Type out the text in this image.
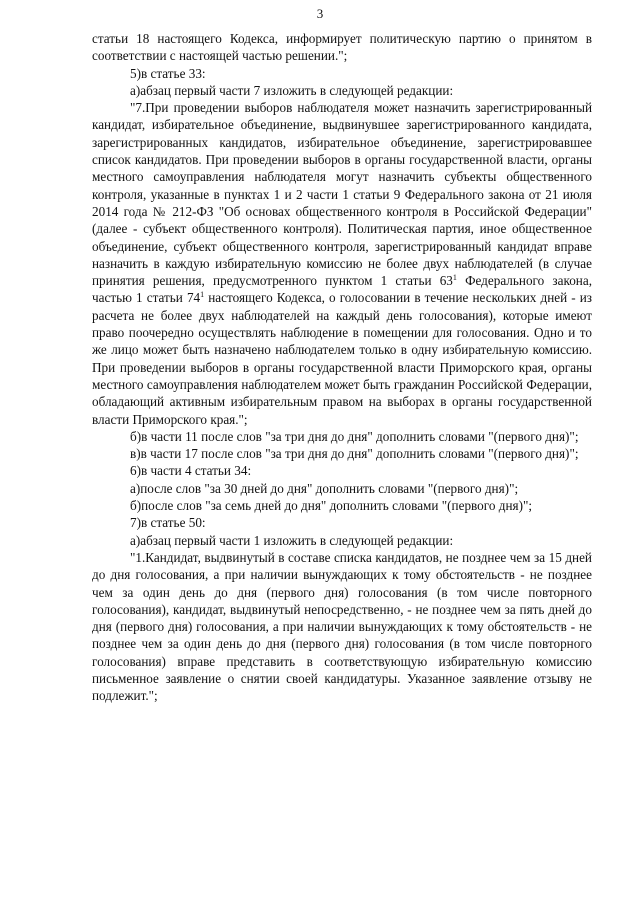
3

статьи 18 настоящего Кодекса, информирует политическую партию о принятом в соответствии с настоящей частью решении.";

5)в статье 33:

а)абзац первый части 7 изложить в следующей редакции:

"7.При проведении выборов наблюдателя может назначить зарегистрированный кандидат, избирательное объединение, выдвинувшее зарегистрированного кандидата, зарегистрированных кандидатов, избирательное объединение, зарегистрировавшее список кандидатов. При проведении выборов в органы государственной власти, органы местного самоуправления наблюдателя могут назначить субъекты общественного контроля, указанные в пунктах 1 и 2 части 1 статьи 9 Федерального закона от 21 июля 2014 года № 212-ФЗ "Об основах общественного контроля в Российской Федерации" (далее - субъект общественного контроля). Политическая партия, иное общественное объединение, субъект общественного контроля, зарегистрированный кандидат вправе назначить в каждую избирательную комиссию не более двух наблюдателей (в случае принятия решения, предусмотренного пунктом 1 статьи $63^1$ Федерального закона, частью 1 статьи $74^1$ настоящего Кодекса, о голосовании в течение нескольких дней - из расчета не более двух наблюдателей на каждый день голосования), которые имеют право поочередно осуществлять наблюдение в помещении для голосования. Одно и то же лицо может быть назначено наблюдателем только в одну избирательную комиссию. При проведении выборов в органы государственной власти Приморского края, органы местного самоуправления наблюдателем может быть гражданин Российской Федерации, обладающий активным избирательным правом на выборах в органы государственной власти Приморского края.";

б)в части 11 после слов "за три дня до дня" дополнить словами "(первого дня)";

в)в части 17 после слов "за три дня до дня" дополнить словами "(первого дня)";

6)в части 4 статьи 34:

а)после слов "за 30 дней до дня" дополнить словами "(первого дня)";

б)после слов "за семь дней до дня" дополнить словами "(первого дня)";

7)в статье 50:

а)абзац первый части 1 изложить в следующей редакции:

"1.Кандидат, выдвинутый в составе списка кандидатов, не позднее чем за 15 дней до дня голосования, а при наличии вынуждающих к тому обстоятельств - не позднее чем за один день до дня (первого дня) голосования (в том числе повторного голосования), кандидат, выдвинутый непосредственно, - не позднее чем за пять дней до дня (первого дня) голосования, а при наличии вынуждающих к тому обстоятельств - не позднее чем за один день до дня (первого дня) голосования (в том числе повторного голосования) вправе представить в соответствующую избирательную комиссию письменное заявление о снятии своей кандидатуры. Указанное заявление отзыву не подлежит.";
